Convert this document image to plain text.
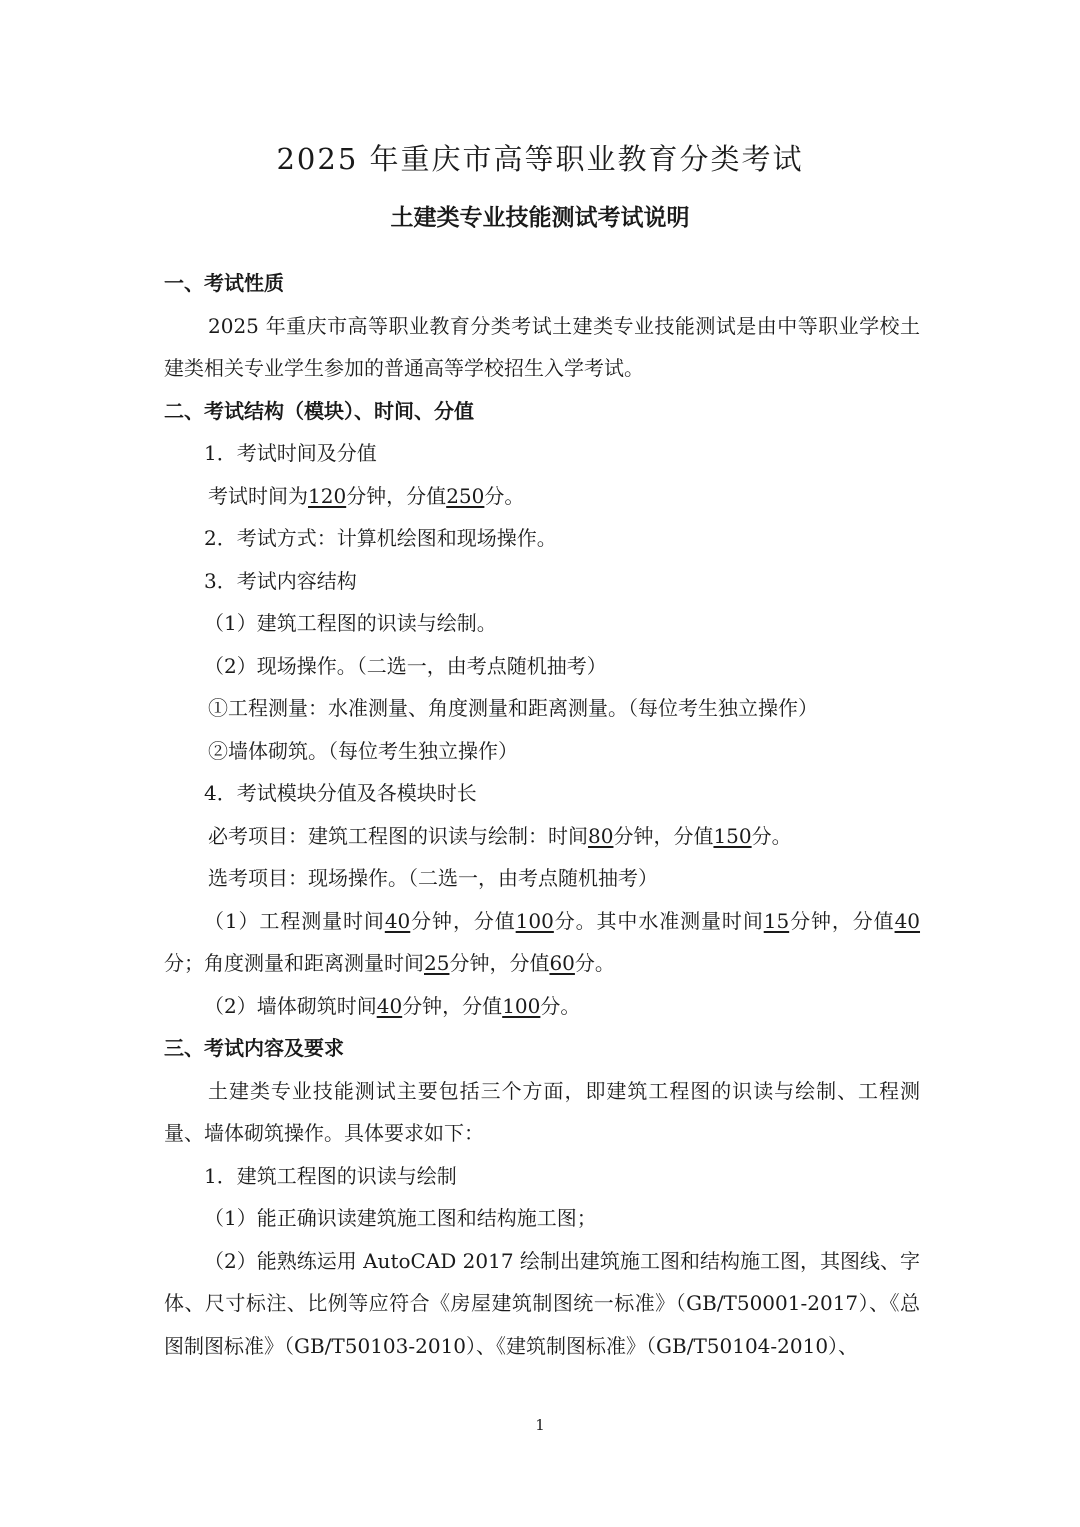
2025 年重庆市高等职业教育分类考试
土建类专业技能测试考试说明

一、考试性质

2025 年重庆市高等职业教育分类考试土建类专业技能测试是由中等职业学校土建类相关专业学生参加的普通高等学校招生入学考试。

二、考试结构（模块）、时间、分值

1．考试时间及分值

考试时间为120分钟，分值250分。

2．考试方式：计算机绘图和现场操作。

3．考试内容结构

（1）建筑工程图的识读与绘制。

（2）现场操作。（二选一，由考点随机抽考）

①工程测量：水准测量、角度测量和距离测量。（每位考生独立操作）

②墙体砌筑。（每位考生独立操作）

4．考试模块分值及各模块时长

必考项目：建筑工程图的识读与绘制：时间80分钟，分值150分。

选考项目：现场操作。（二选一，由考点随机抽考）

（1）工程测量时间40分钟，分值100分。其中水准测量时间15分钟，分值40分；角度测量和距离测量时间25分钟，分值60分。

（2）墙体砌筑时间40分钟，分值100分。

三、考试内容及要求

土建类专业技能测试主要包括三个方面，即建筑工程图的识读与绘制、工程测量、墙体砌筑操作。具体要求如下：

1．建筑工程图的识读与绘制

（1）能正确识读建筑施工图和结构施工图；

（2）能熟练运用 AutoCAD 2017 绘制出建筑施工图和结构施工图，其图线、字体、尺寸标注、比例等应符合《房屋建筑制图统一标准》（GB/T50001-2017）、《总图制图标准》（GB/T50103-2010）、《建筑制图标准》（GB/T50104-2010）、

1
